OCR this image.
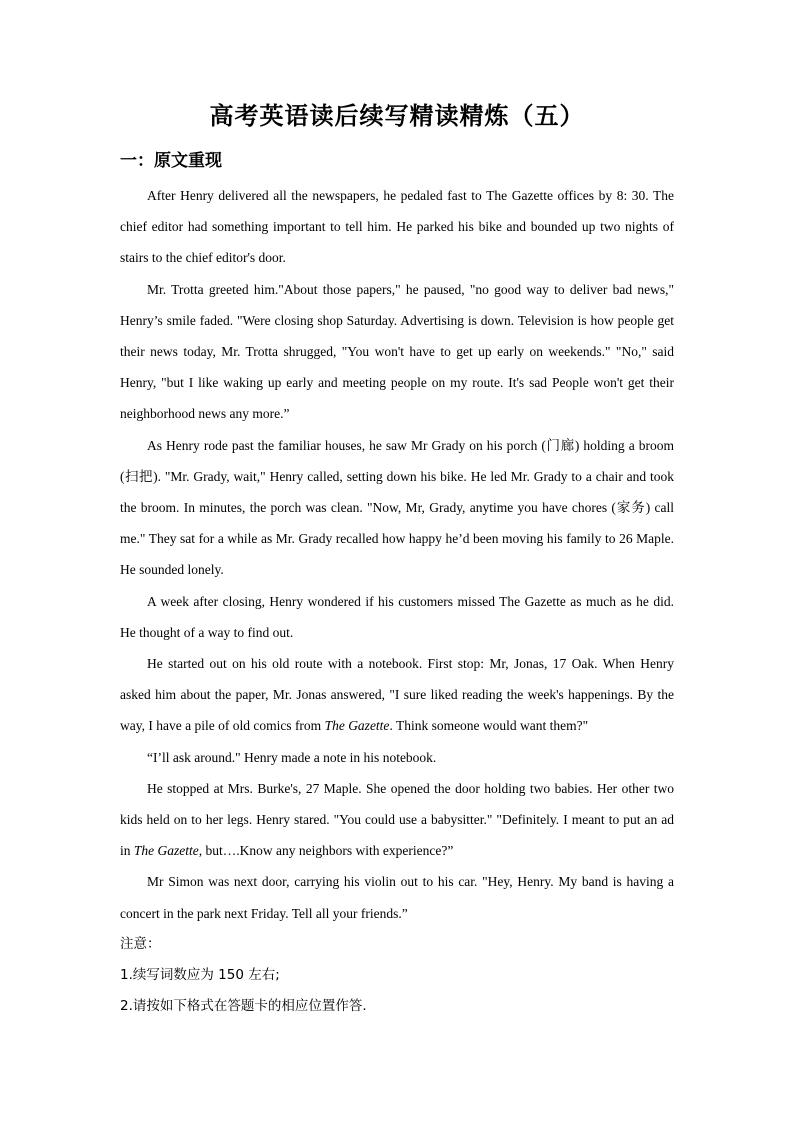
高考英语读后续写精读精炼（五）
一：原文重现

After Henry delivered all the newspapers, he pedaled fast to The Gazette offices by 8: 30. The chief editor had something important to tell him. He parked his bike and bounded up two nights of stairs to the chief editor's door.

Mr. Trotta greeted him."About those papers," he paused, "no good way to deliver bad news," Henry’s smile faded. "Were closing shop Saturday. Advertising is down. Television is how people get their news today, Mr. Trotta shrugged, "You won't have to get up early on weekends." "No," said Henry, "but I like waking up early and meeting people on my route. It's sad People won't get their neighborhood news any more.”

As Henry rode past the familiar houses, he saw Mr Grady on his porch (门廊) holding a broom (扫把). "Mr. Grady, wait," Henry called, setting down his bike. He led Mr. Grady to a chair and took the broom. In minutes, the porch was clean. "Now, Mr, Grady, anytime you have chores (家务) call me." They sat for a while as Mr. Grady recalled how happy he’d been moving his family to 26 Maple. He sounded lonely.

A week after closing, Henry wondered if his customers missed The Gazette as much as he did. He thought of a way to find out.

He started out on his old route with a notebook. First stop: Mr, Jonas, 17 Oak. When Henry asked him about the paper, Mr. Jonas answered, "I sure liked reading the week's happenings. By the way, I have a pile of old comics from The Gazette. Think someone would want them?"

“I’ll ask around." Henry made a note in his notebook.

He stopped at Mrs. Burke's, 27 Maple. She opened the door holding two babies. Her other two kids held on to her legs. Henry stared. "You could use a babysitter." "Definitely. I meant to put an ad in The Gazette, but….Know any neighbors with experience?”

Mr Simon was next door, carrying his violin out to his car. "Hey, Henry. My band is having a concert in the park next Friday. Tell all your friends.”

注意：

1.续写词数应为 150 左右;

2.请按如下格式在答题卡的相应位置作答.
